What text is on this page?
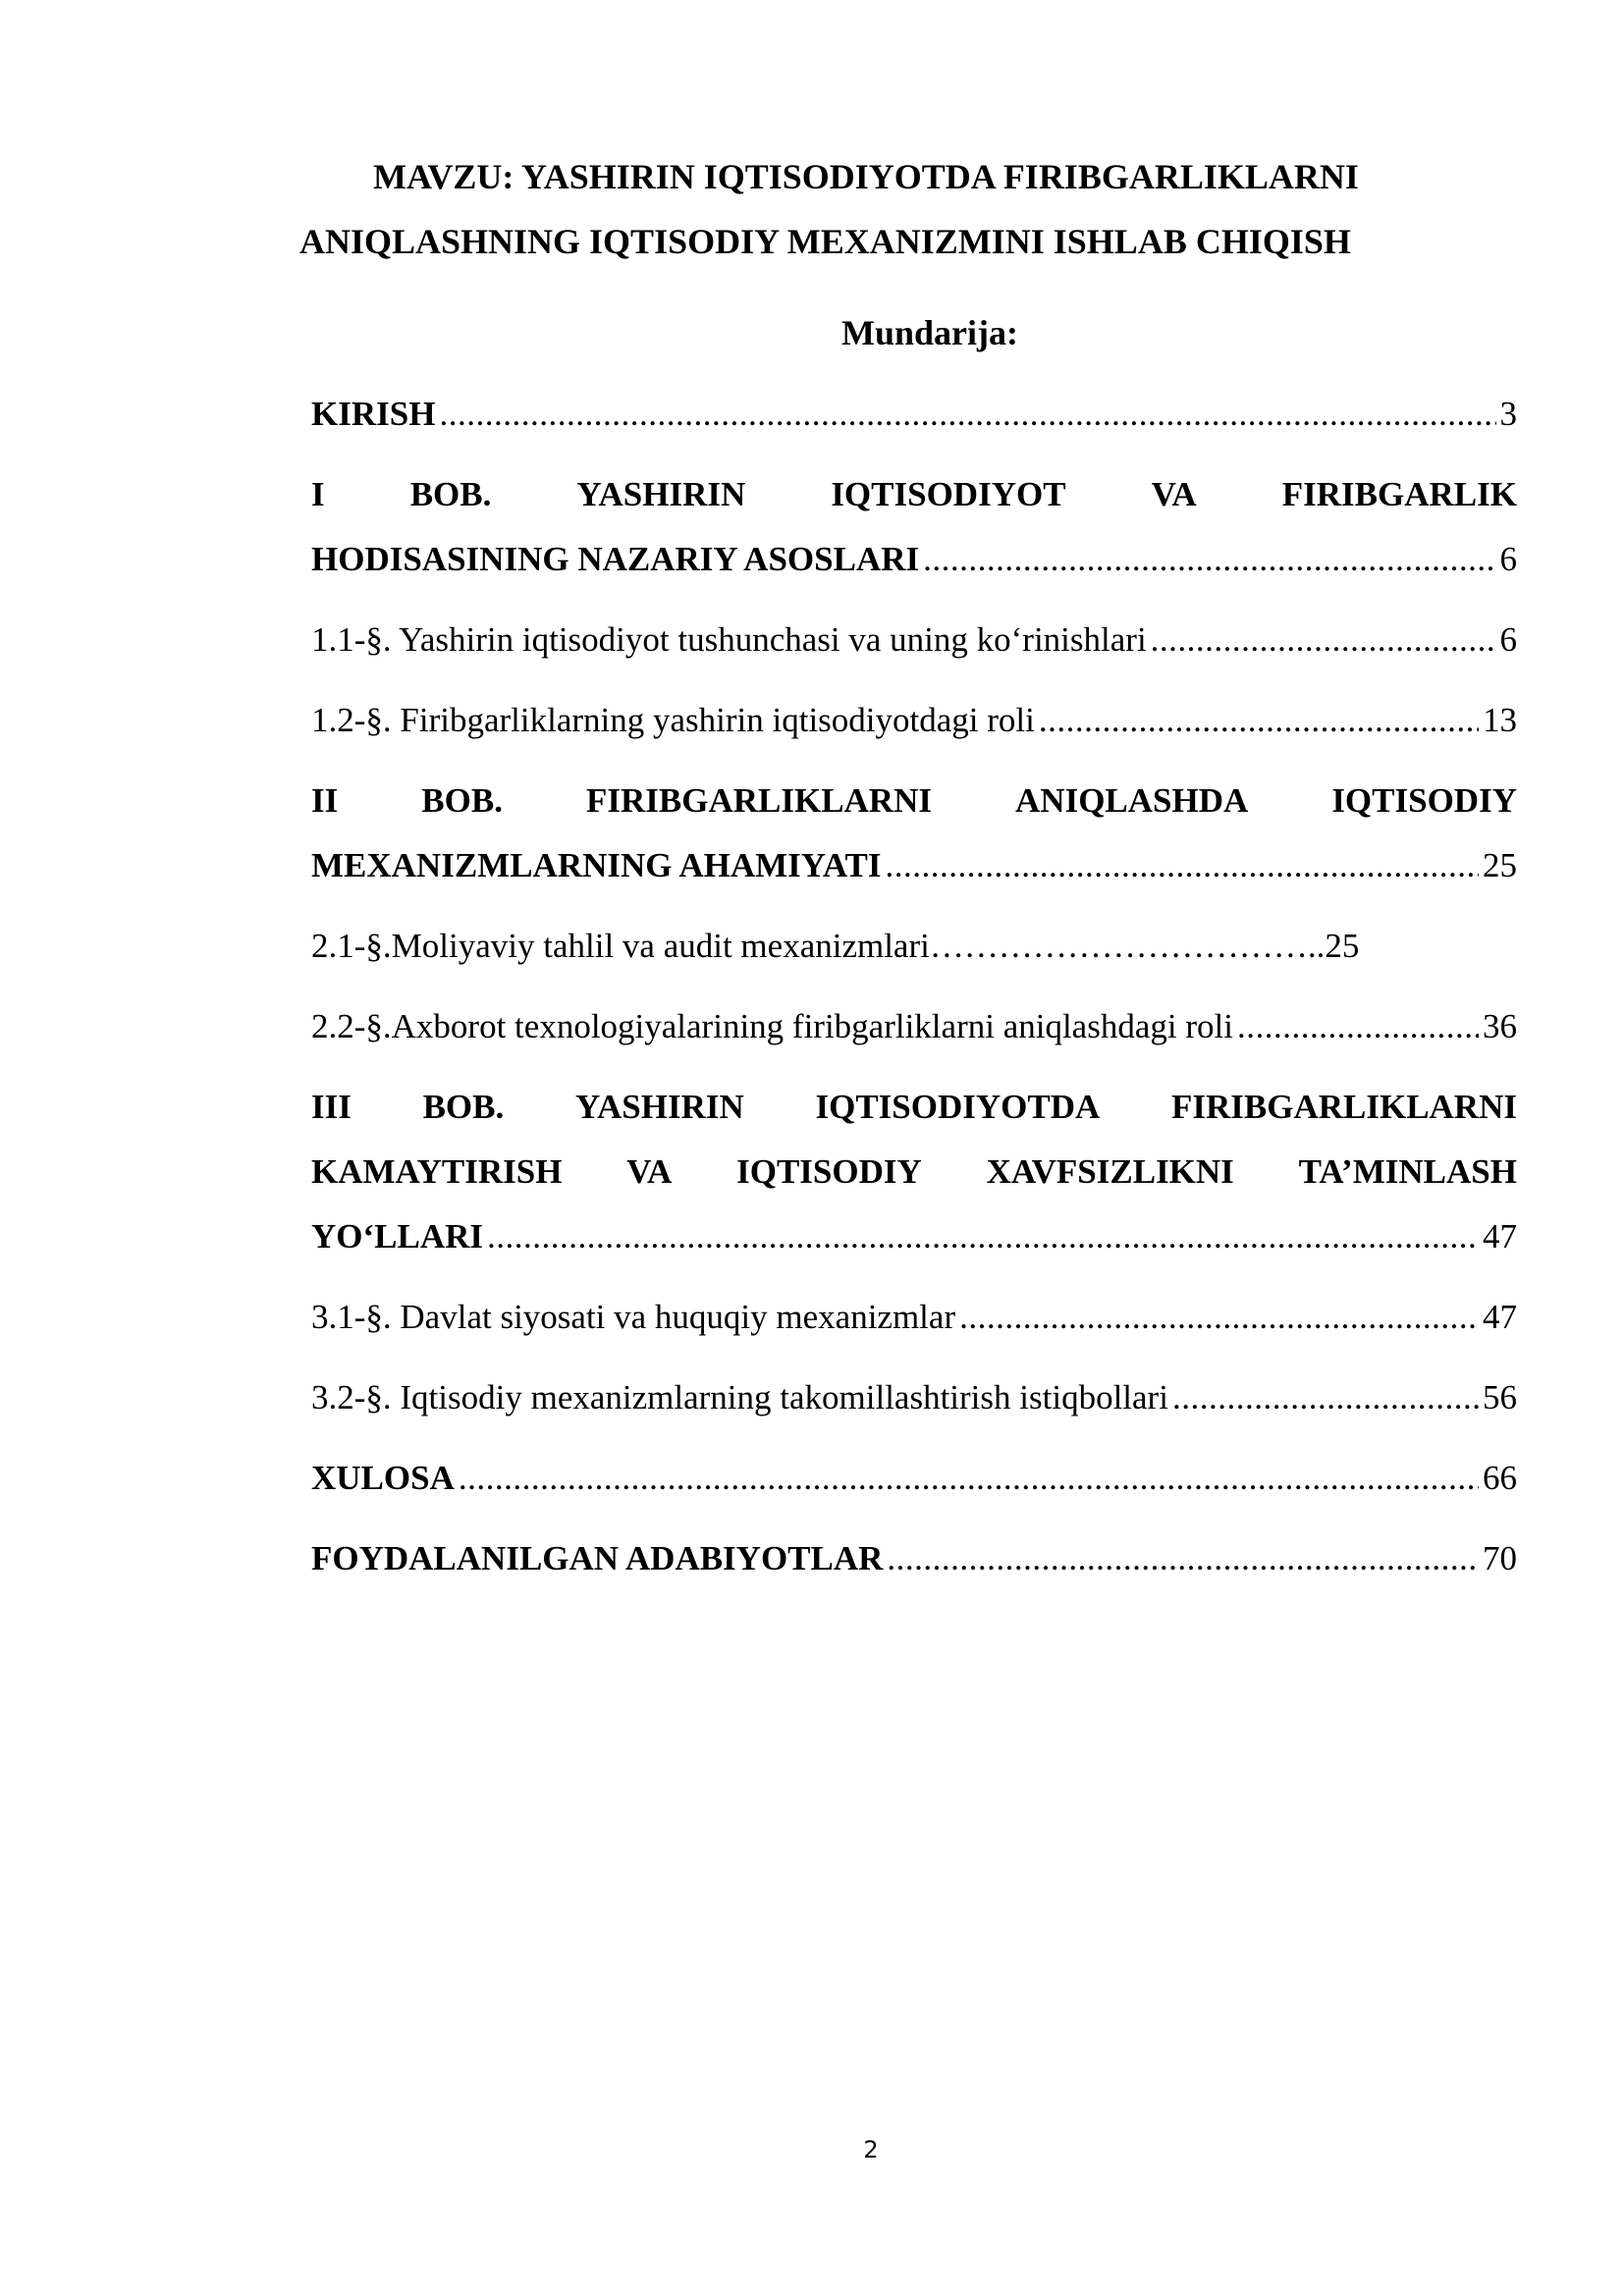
MAVZU: YASHIRIN IQTISODIYOTDA FIRIBGARLIKLARNI
ANIQLASHNING IQTISODIY MEXANIZMINI ISHLAB CHIQISH
Mundarija:
KIRISH .....	3
I BOB. YASHIRIN IQTISODIYOT VA FIRIBGARLIK
HODISASINING NAZARIY ASOSLARI .....	6
1.1-§. Yashirin iqtisodiyot tushunchasi va uning ko‘rinishlari .....	6
1.2-§. Firibgarliklarning yashirin iqtisodiyotdagi roli .....	13
II BOB. FIRIBGARLIKLARNI ANIQLASHDA IQTISODIY
MEXANIZMLARNING AHAMIYATI .....	25
2.1-§.Moliyaviy tahlil va audit mexanizmlari……………………………..25
2.2-§.Axborot texnologiyalarining firibgarliklarni aniqlashdagi roli .....	36
III BOB. YASHIRIN IQTISODIYOTDA FIRIBGARLIKLARNI
KAMAYTIRISH VA IQTISODIY XAVFSIZLIKNI TA’MINLASH
YO‘LLARI .....	47
3.1-§. Davlat siyosati va huquqiy mexanizmlar .....	47
3.2-§. Iqtisodiy mexanizmlarning takomillashtirish istiqbollari .....	56
XULOSA .....	66
FOYDALANILGAN ADABIYOTLAR .....	70
2
